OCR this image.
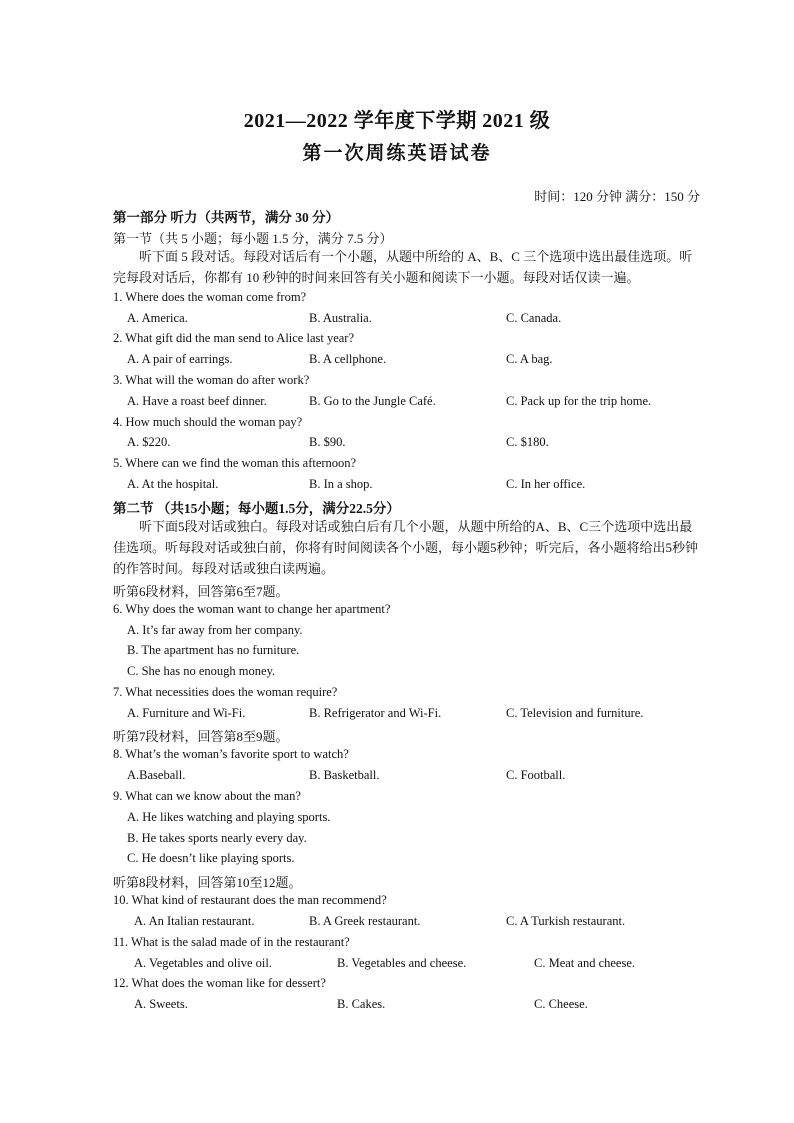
2021—2022 学年度下学期 2021 级
第一次周练英语试卷
时间：120 分钟 满分：150 分
第一部分 听力（共两节，满分 30 分）
第一节（共 5 小题；每小题 1.5 分，满分 7.5 分）
听下面 5 段对话。每段对话后有一个小题，从题中所给的 A、B、C 三个选项中选出最佳选项。听完每段对话后，你都有 10 秒钟的时间来回答有关小题和阅读下一小题。每段对话仅读一遍。
1. Where does the woman come from?
A. America.	B. Australia.	C. Canada.
2. What gift did the man send to Alice last year?
A. A pair of earrings.	B. A cellphone.	C. A bag.
3. What will the woman do after work?
A. Have a roast beef dinner.	B. Go to the Jungle Café.	C. Pack up for the trip home.
4. How much should the woman pay?
A. $220.	B. $90.	C. $180.
5. Where can we find the woman this afternoon?
A. At the hospital.	B. In a shop.	C. In her office.
第二节 （共15小题；每小题1.5分，满分22.5分）
听下面5段对话或独白。每段对话或独白后有几个小题，从题中所给的A、B、C三个选项中选出最佳选项。听每段对话或独白前，你将有时间阅读各个小题，每小题5秒钟；听完后，各小题将给出5秒钟的作答时间。每段对话或独白读两遍。
听第6段材料，回答第6至7题。
6. Why does the woman want to change her apartment?
A. It’s far away from her company.
B. The apartment has no furniture.
C. She has no enough money.
7. What necessities does the woman require?
A. Furniture and Wi-Fi.	B. Refrigerator and Wi-Fi.	C. Television and furniture.
听第7段材料，回答第8至9题。
8. What’s the woman’s favorite sport to watch?
A.Baseball.	B. Basketball.	C. Football.
9. What can we know about the man?
A. He likes watching and playing sports.
B. He takes sports nearly every day.
C. He doesn’t like playing sports.
听第8段材料，回答第10至12题。
10. What kind of restaurant does the man recommend?
A. An Italian restaurant.	B. A Greek restaurant.	C. A Turkish restaurant.
11. What is the salad made of in the restaurant?
A. Vegetables and olive oil.	B. Vegetables and cheese.	C. Meat and cheese.
12. What does the woman like for dessert?
A. Sweets.	B. Cakes.	C. Cheese.
